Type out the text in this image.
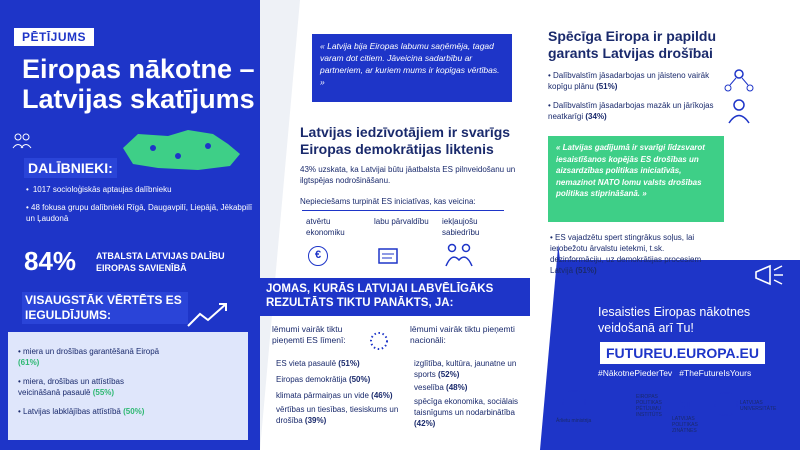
PĒTĪJUMS
Eiropas nākotne – Latvijas skatījums
DALĪBNIEKI:
• 1017 socioloģiskās aptaujas dalībnieku
• 48 fokusa grupu dalībnieki Rīgā, Daugavpilī, Liepājā, Jēkabpilī un Ļaudonā
84% ATBALSTA LATVIJAS DALĪBU EIROPAS SAVIENĪBĀ
VISAUGSTĀK VĒRTĒTS ES IEGULDĪJUMS:
• miera un drošības garantēšanā Eiropā (61%)
• miera, drošības un attīstības veicināšanā pasaulē (55%)
• Latvijas labklājības attīstībā (50%)
« Latvija bija Eiropas labumu saņēmēja, tagad varam dot citiem. Jāveicina sadarbību ar partneriem, ar kuriem mums ir kopīgas vērtības. »
Latvijas iedzīvotājiem ir svarīgs Eiropas demokrātijas liktenis
43% uzskata, ka Latvijai būtu jāatbalsta ES pilnveidošanu un ilgtspējas nodrošināšanu.
Nepieciešams turpināt ES iniciatīvas, kas veicina:
atvērtu ekonomiku
labu pārvaldību	iekļaujošu sabiedrību
€
JOMAS, KURĀS LATVIJAI LABVĒLĪGĀKS REZULTĀTS TIKTU PANĀKTS, JA:
lēmumi vairāk tiktu pieņemti ES līmenī:
ES vieta pasaulē (51%)
Eiropas demokrātija (50%)
klimata pārmaiņas un vide (46%)
vērtības un tiesības, tiesiskums un drošība (39%)
lēmumi vairāk tiktu pieņemti nacionāli:
izglītība, kultūra, jaunatne un sports (52%)
veselība (48%)
spēcīga ekonomika, sociālais taisnīgums un nodarbinātība (42%)
Spēcīga Eiropa ir papildu garants Latvijas drošībai
• Dalībvalstīm jāsadarbojas un jāisteno vairāk kopīgu plānu (51%)
• Dalībvalstīm jāsadarbojas mazāk un jārīkojas neatkarīgi (34%)
« Latvijas gadījumā ir svarīgi līdzsvarot iesaistīšanos kopējās ES drošības un aizsardzības politikas iniciatīvās, nemazinot NATO lomu valsts drošības politikas stiprināšanā. »
• ES vajadzētu spert stingrākus soļus, lai ierobežotu ārvalstu ietekmi, t.sk. dezinformāciju, uz demokrātijas procesiem Latvijā (51%)
Iesaisties Eiropas nākotnes veidošanā arī Tu!
FUTUREU.EUROPA.EU
#NākotnePiederTev   #TheFutureIsYours
Ārlietu ministrija
EIROPAS POLITIKAS PĒTĪJUMU INSTITŪTS
π
LATVIJAS POLITIKAS ZINĀTNES
LATVIJAS UNIVERSITĀTE
